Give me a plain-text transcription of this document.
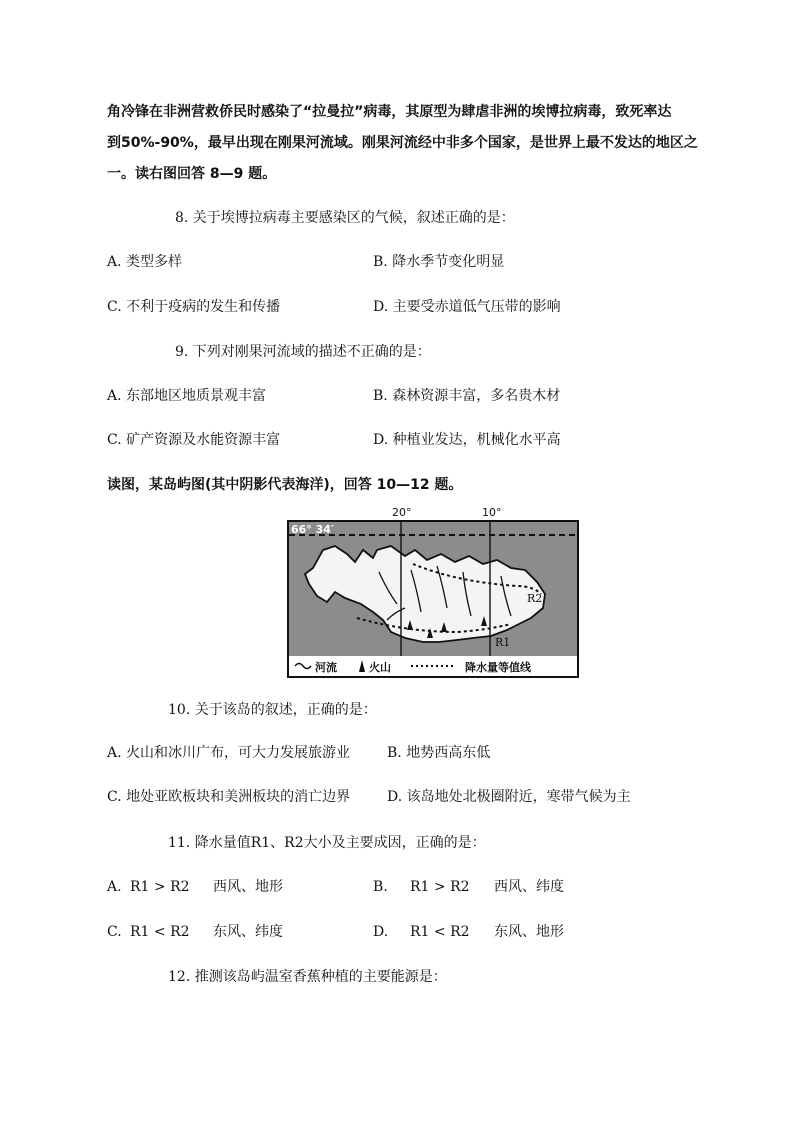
角冷锋在非洲营救侨民时感染了“拉曼拉”病毒，其原型为肆虐非洲的埃博拉病毒，致死率达
到50%-90%，最早出现在刚果河流域。刚果河流经中非多个国家，是世界上最不发达的地区之
一。读右图回答 8—9 题。
8. 关于埃博拉病毒主要感染区的气候，叙述正确的是：
A. 类型多样	B. 降水季节变化明显
C. 不利于疫病的发生和传播	D. 主要受赤道低气压带的影响
9. 下列对刚果河流域的描述不正确的是：
A. 东部地区地质景观丰富	B. 森林资源丰富，多名贵木材
C. 矿产资源及水能资源丰富	D. 种植业发达，机械化水平高
读图，某岛屿图(其中阴影代表海洋)，回答 10—12 题。
66° 34′
R2
R1
河流	火山	降水量等值线
20°	10°
10. 关于该岛的叙述，正确的是：
A. 火山和冰川广布，可大力发展旅游业	B. 地势西高东低
C. 地处亚欧板块和美洲板块的消亡边界	D. 该岛地处北极圈附近，寒带气候为主
11. 降水量值R1、R2大小及主要成因，正确的是：
A. R1 > R2 西风、地形	B. R1 > R2 西风、纬度
C. R1 < R2 东风、纬度	D. R1 < R2 东风、地形
12. 推测该岛屿温室香蕉种植的主要能源是：
